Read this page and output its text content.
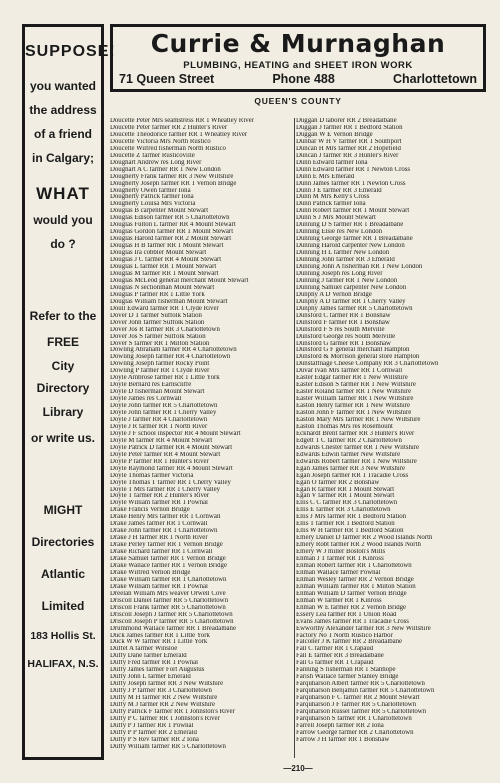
SUPPOSE!

you wanted

the address

of a friend

in Calgary;

WHAT

would you

do ?

Refer to the

FREE

City

Directory

Library

or write us.

MIGHT

Directories

Atlantic

Limited

183 Hollis St.

HALIFAX, N.S.

Currie & Murnaghan
PLUMBING, HEATING and SHEET IRON WORK
71 Queen Street	Phone 488	Charlottetown
QUEEN'S COUNTY
Doucette Peter Mrs seamstress RR 1 Wheatley River
Doucette Peter farmer RR 2 Hunter's River
Doucette Theodorice farmer RR 1 Wheatley River
Doucette Victoria Mrs North Rustico
Doucette Wilfred fisherman North Rustico
Doucette Z farmer Rusticoville
Doughart Andrew res Long River
Doughart A C farmer RR 1 New London
Dougherty Frank farmer RR 3 New Wiltshire
Dougherty Joseph farmer RR 1 Vernon Bridge
Dougherty Owen farmer Iona
Dougherty Patrick farmer Iona
Dougherty Louisa Mrs Victoria
Douglas B carpenter Mount Stewart
Douglas Edison farmer RR 5 Charlottetown
Douglas Fulton L farmer RR 4 Mount Stewart
Douglas Gordon farmer RR 1 Mount Stewart
Douglas Harold farmer RR 2 Mount Stewart
Douglas H B farmer RR 1 Mount Stewart
Douglas Ira cobbler Mount Stewart
Douglas J C farmer RR 4 Mount Stewart
Douglas L farmer RR 1 Mount Stewart
Douglas M farmer RR 1 Mount Stewart
Douglas McLeod general merchant Mount Stewart
Douglas N sectionman Mount Stewart
Douglas P farmer RR 1 Little York
Douglas William fisherman Mount Stewart
Doull Edward farmer RR 1 Clyde River
Dover D T farmer Suffolk Station
Dover John farmer Suffolk Station
Dover Jos R farmer RR 3 Charlottetown
Dover Jos S farmer Suffolk Station
Dover S farmer RR 1 Milton Station
Dowling Abraham farmer RR 4 Charlottetown
Dowling Joseph farmer RR 4 Charlottetown
Dowling Joseph farmer Rocky Point
Dowling P farmer RR 1 Clyde River
Doyle Ambrose farmer RR 1 Little York
Doyle Bernard res Earnscliffe
Doyle D fisherman Mount Stewart
Doyle James res Cornwall
Doyle John farmer RR 5 Charlottetown
Doyle John farmer RR 1 Cherry Valley
Doyle J farmer RR 4 Charlottetown
Doyle J R farmer RR 1 North River
Doyle J F school inspector RR 4 Mount Stewart
Doyle M farmer RR 4 Mount Stewart
Doyle Patrick D farmer RR 4 Mount Stewart
Doyle Peter farmer RR 4 Mount Stewart
Doyle P farmer RR 1 Hunter's River
Doyle Raymond farmer RR 4 Mount Stewart
Doyle Thomas farmer Victoria
Doyle Thomas T farmer RR 1 Cherry Valley
Doyle T Mrs farmer RR 1 Cherry Valley
Doyle T farmer RR 2 Hunter's River
Doyle William farmer RR 1 Pownal
Drake Francis Vernon Bridge
Drake Henry Mrs farmer RR 1 Cornwall
Drake James farmer RR 1 Cornwall
Drake John farmer RR 1 Charlottetown
Drake J H farmer RR 1 North River
Drake Perley farmer RR 1 Vernon Bridge
Drake Richard farmer RR 1 Cornwall
Drake Samuel farmer RR 1 Vernon Bridge
Drake Wallace farmer RR 1 Vernon Bridge
Drake Wilfred Vernon Bridge
Drake William farmer RR 1 Charlottetown
Drake William farmer RR 1 Pownal
Dreelan William Mrs weaver Orwell Cove
Driscoll Daniel farmer RR 5 Charlottetown
Driscoll Frank farmer RR 5 Charlottetown
Driscoll Joseph J farmer RR 5 Charlottetown
Driscoll Joseph P farmer RR 5 Charlottetown
Drummond Wallace farmer RR 1 Breadalbane
Duck James farmer RR 1 Little York
Duck W W farmer RR 1 Little York
Duffet A farmer Winsloe
Duffy Dane farmer Emerald
Duffy Fred farmer RR 1 Pownal
Duffy James farmer Fort Augustus
Duffy John L farmer Emerald
Duffy Joseph farmer RR 3 New Wiltshire
Duffy J P farmer RR 3 Charlottetown
Duffy M H farmer RR 2 New Wiltshire
Duffy M J farmer RR 2 New Wiltshire
Duffy Patrick F farmer RR 1 Johnston's River
Duffy P C farmer RR 1 Johnston's River
Duffy P J farmer RR 1 Pownal
Duffy P P farmer RR 2 Emerald
Duffy P S Rev farmer RR 2 Iona
Duffy William farmer RR 5 Charlottetown
Duggan D laborer RR 2 Breadalbane
Duggan J farmer RR 1 Bedford Station
Duggan W E Vernon Bridge
Dunbar W H V farmer RR 1 Southport
Duncan H Mrs farmer RR 2 Hopefield
Duncan J farmer RR 3 Hunter's River
Dunn Edward farmer Iona
Dunn Edward farmer RR 1 Newton Cross
Dunn E Mrs Emerald
Dunn James farmer RR 1 Newton Cross
Dunn J E farmer RR 3 Emerald
Dunn M Mrs Kelly's Cross
Dunn Patrick farmer Iona
Dunn Robert farmer RR 1 Mount Stewart
Dunn S J Mrs Mount Stewart
Dunning D S farmer RR 1 Breadalbane
Dunning Elsie res New London
Dunning George farmer RR 1 Breadalbane
Dunning Harold carpenter New London
Dunning H L farmer New London
Dunning John farmer RR 3 Emerald
Dunning John A fisherman RR 1 New London
Dunning Joseph res Long River
Dunning J farmer RR 1 New London
Dunning Samuel carpenter New London
Dunphy A D Vernon Bridge
Dunphy A D farmer RR 1 Cherry Valley
Dunphy James farmer RR 5 Charlottetown
Dunsford C farmer RR 1 Bonshaw
Dunsford F farmer RR 1 Bonshaw
Dunsford F S res South Melville
Dunsford George res South Melville
Dunsford G farmer RR 1 Bonshaw
Dunsford G F general merchant Hampton
Dunsford & Morrison general store Hampton
Dunstaffnage Cheese Company RR 3 Charlottetown
Duvar Ivan Mrs farmer RR 1 Cornwall
Easter Edgar farmer RR 1 New Wiltshire
Easter Edison S farmer RR 1 New Wiltshire
Easter Roland farmer RR 1 New Wiltshire
Easter William farmer RR 1 New Wiltshire
Easton Henry farmer RR 1 New Wiltshire
Easton John F farmer RR 1 New Wiltshire
Easton Mary Mrs farmer RR 1 New Wiltshire
Easton Thomas Mrs res Rosemount
Eckhardt Brent farmer RR 3 Hunter's River
Edgett T C farmer RR 2 Charlottetown
Edwards Chester farmer RR 1 New Wiltshire
Edwards Edwin farmer New Wiltshire
Edwards Robert farmer RR 1 New Wiltshire
Egan James farmer RR 3 New Wiltshire
Egan Joseph farmer RR 1 Tracadie Cross
Egan O farmer RR 2 Bonshaw
Egan R farmer RR 1 Mount Stewart
Egan V farmer RR 1 Mount Stewart
Ellis C C farmer RR 3 Charlottetown
Ellis E farmer RR 3 Charlottetown
Ellis J Mrs farmer RR 1 Bedford Station
Ellis T farmer RR 1 Bedford Station
Ellis W H farmer RR 1 Bedford Station
Emery Daniel D farmer RR 2 Wood Islands North
Emery Robt farmer RR 2 Wood Islands North
Emery W J miller Boston's Mills
Enman J T farmer RR 1 Kinross
Enman Robert farmer RR 1 Charlottetown
Enman Wallace farmer Pownal
Enman Wesley farmer RR 2 Vernon Bridge
Enman William farmer RR 1 Milton Station
Enman William D farmer Vernon Bridge
Enman W farmer RR 1 Kinross
Enman W E farmer RR 2 Vernon Bridge
Essery Lea farmer RR 1 Union Road
Evans James farmer RR 1 Tracadie Cross
Ewworthy Alexander farmer RR 3 New Wiltshire
Factory No 1 North Rustico Harbor
Falconer J K farmer RR 2 Breadalbane
Fall C farmer RR 1 Crapaud
Fall E farmer RR 3 Breadalbane
Fall G farmer RR 1 Crapaud
Fanning S fisherman RR 1 Stanhope
Farish Wallace farmer Stanley Bridge
Farquharson Albert farmer RR 5 Charlottetown
Farquharson Benjamin farmer RR 5 Charlottetown
Farquharson F C farmer RR 2 Mount Stewart
Farquharson J F farmer RR 5 Charlottetown
Farquharson Russel farmer RR 5 Charlottetown
Farquharson S farmer RR 1 Charlottetown
Farrell Joseph farmer RR 2 Iona
Farrow George farmer RR 2 Charlottetown
Farrow J H farmer RR 1 Bonshaw
—210—
